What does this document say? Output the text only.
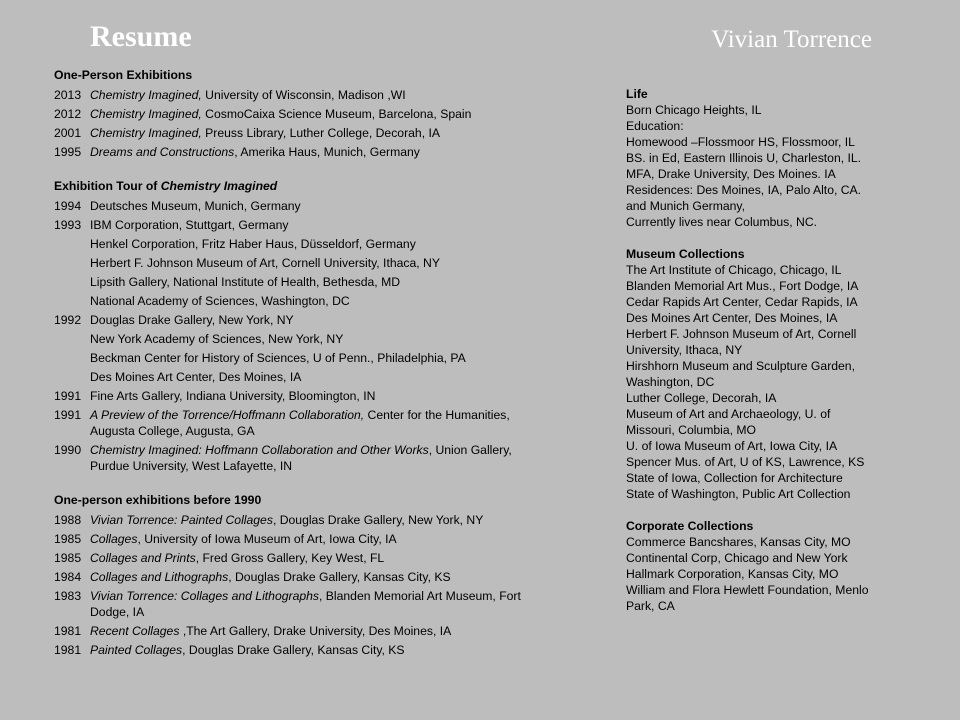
Resume	Vivian Torrence
One-Person Exhibitions
2013 Chemistry Imagined, University of Wisconsin, Madison ,WI
2012 Chemistry Imagined, CosmoCaixa Science Museum, Barcelona, Spain
2001 Chemistry Imagined, Preuss Library, Luther College, Decorah, IA
1995 Dreams and Constructions, Amerika Haus, Munich, Germany
Exhibition Tour of Chemistry Imagined
1994 Deutsches Museum, Munich, Germany
1993 IBM Corporation, Stuttgart, Germany
Henkel Corporation, Fritz Haber Haus, Düsseldorf, Germany
Herbert F. Johnson Museum of Art, Cornell University, Ithaca, NY
Lipsith Gallery, National Institute of Health, Bethesda, MD
National Academy of Sciences, Washington, DC
1992 Douglas Drake Gallery, New York, NY
New York Academy of Sciences, New York, NY
Beckman Center for History of Sciences, U of Penn., Philadelphia, PA
Des Moines Art Center, Des Moines, IA
1991 Fine Arts Gallery, Indiana University, Bloomington, IN
1991 A Preview of the Torrence/Hoffmann Collaboration, Center for the Humanities, Augusta College, Augusta, GA
1990 Chemistry Imagined: Hoffmann Collaboration and Other Works, Union Gallery, Purdue University, West Lafayette, IN
One-person exhibitions before 1990
1988 Vivian Torrence: Painted Collages, Douglas Drake Gallery, New York, NY
1985 Collages, University of Iowa Museum of Art, Iowa City, IA
1985 Collages and Prints, Fred Gross Gallery, Key West, FL
1984 Collages and Lithographs, Douglas Drake Gallery, Kansas City, KS
1983 Vivian Torrence: Collages and Lithographs, Blanden Memorial Art Museum, Fort Dodge, IA
1981 Recent Collages ,The Art Gallery, Drake University, Des Moines, IA
1981 Painted Collages, Douglas Drake Gallery, Kansas City, KS
Life
Born Chicago Heights, IL
Education:
Homewood –Flossmoor HS, Flossmoor, IL
BS. in Ed, Eastern Illinois U, Charleston, IL.
MFA, Drake University, Des Moines. IA
Residences: Des Moines, IA, Palo Alto, CA.
and Munich Germany,
Currently lives near Columbus, NC.
Museum Collections
The Art Institute of Chicago, Chicago, IL
Blanden Memorial Art Mus., Fort Dodge, IA
Cedar Rapids Art Center, Cedar Rapids, IA
Des Moines Art Center, Des Moines, IA
Herbert F. Johnson Museum of Art, Cornell
University, Ithaca, NY
Hirshhorn Museum and Sculpture Garden,
Washington, DC
Luther College, Decorah, IA
Museum of Art and Archaeology, U. of
Missouri, Columbia, MO
U. of Iowa Museum of Art, Iowa City, IA
Spencer Mus. of Art, U of KS, Lawrence, KS
State of Iowa, Collection for Architecture
State of Washington, Public Art Collection
Corporate Collections
Commerce Bancshares, Kansas City, MO
Continental Corp, Chicago and New York
Hallmark Corporation, Kansas City, MO
William and Flora Hewlett Foundation, Menlo
Park, CA
